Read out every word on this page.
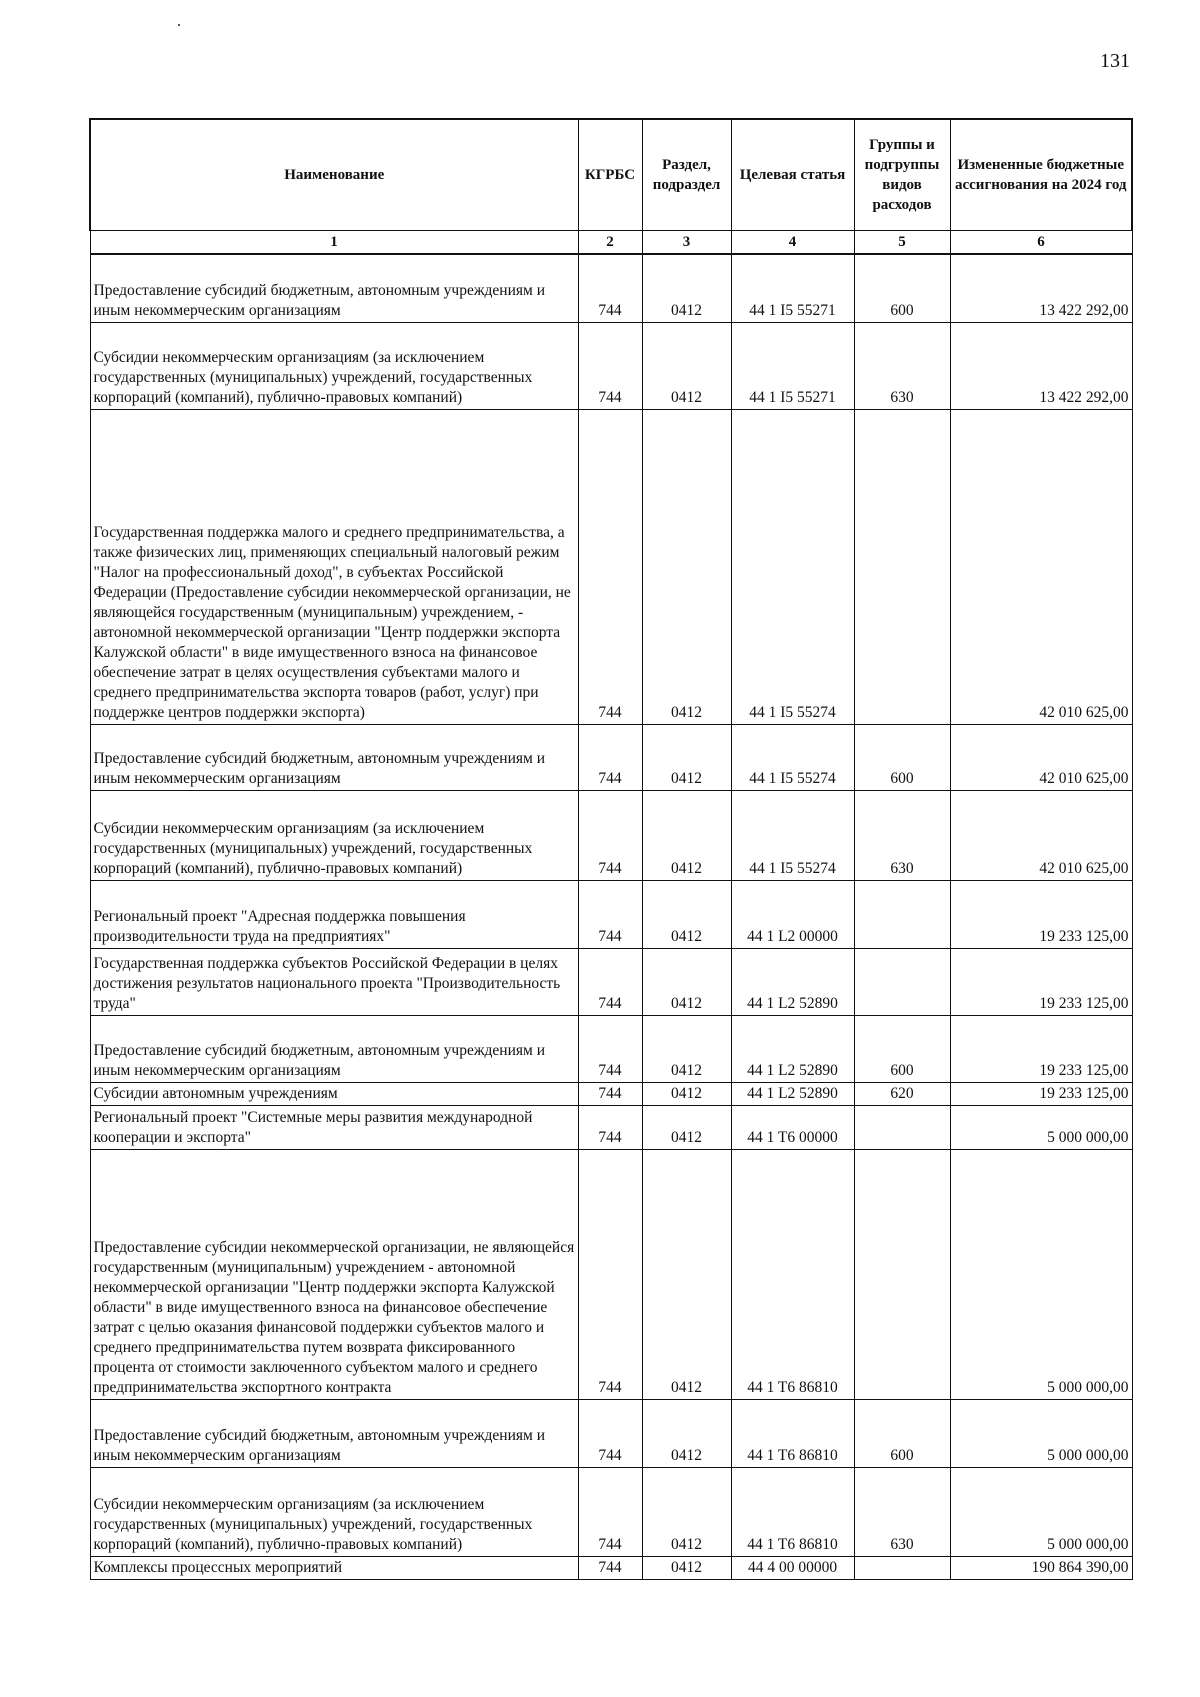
131
Наименование	КГРБС	Раздел, подраздел	Целевая статья	Группы и подгруппы видов расходов	Измененные бюджетные ассигнования на 2024 год
1	2	3	4	5	6
Предоставление субсидий бюджетным, автономным учреждениям и иным некоммерческим организациям	744	0412	44 1 I5 55271	600	13 422 292,00
Субсидии некоммерческим организациям (за исключением государственных (муниципальных) учреждений, государственных корпораций (компаний), публично-правовых компаний)	744	0412	44 1 I5 55271	630	13 422 292,00
Государственная поддержка малого и среднего предпринимательства, а также физических лиц, применяющих специальный налоговый режим "Налог на профессиональный доход", в субъектах Российской Федерации (Предоставление субсидии некоммерческой организации, не являющейся государственным (муниципальным) учреждением, - автономной некоммерческой организации "Центр поддержки экспорта Калужской области" в виде имущественного взноса на финансовое обеспечение затрат в целях осуществления субъектами малого и среднего предпринимательства экспорта товаров (работ, услуг) при поддержке центров поддержки экспорта)	744	0412	44 1 I5 55274		42 010 625,00
Предоставление субсидий бюджетным, автономным учреждениям и иным некоммерческим организациям	744	0412	44 1 I5 55274	600	42 010 625,00
Субсидии некоммерческим организациям (за исключением государственных (муниципальных) учреждений, государственных корпораций (компаний), публично-правовых компаний)	744	0412	44 1 I5 55274	630	42 010 625,00
Региональный проект "Адресная поддержка повышения производительности труда на предприятиях"	744	0412	44 1 L2 00000		19 233 125,00
Государственная поддержка субъектов Российской Федерации в целях достижения результатов национального проекта "Производительность труда"	744	0412	44 1 L2 52890		19 233 125,00
Предоставление субсидий бюджетным, автономным учреждениям и иным некоммерческим организациям	744	0412	44 1 L2 52890	600	19 233 125,00
Субсидии автономным учреждениям	744	0412	44 1 L2 52890	620	19 233 125,00
Региональный проект "Системные меры развития международной кооперации и экспорта"	744	0412	44 1 T6 00000		5 000 000,00
Предоставление субсидии некоммерческой организации, не являющейся государственным (муниципальным) учреждением - автономной некоммерческой организации "Центр поддержки экспорта Калужской области" в виде имущественного взноса на финансовое обеспечение затрат с целью оказания финансовой поддержки субъектов малого и среднего предпринимательства путем возврата фиксированного процента от стоимости заключенного субъектом малого и среднего предпринимательства экспортного контракта	744	0412	44 1 T6 86810		5 000 000,00
Предоставление субсидий бюджетным, автономным учреждениям и иным некоммерческим организациям	744	0412	44 1 T6 86810	600	5 000 000,00
Субсидии некоммерческим организациям (за исключением государственных (муниципальных) учреждений, государственных корпораций (компаний), публично-правовых компаний)	744	0412	44 1 T6 86810	630	5 000 000,00
Комплексы процессных мероприятий	744	0412	44 4 00 00000		190 864 390,00
